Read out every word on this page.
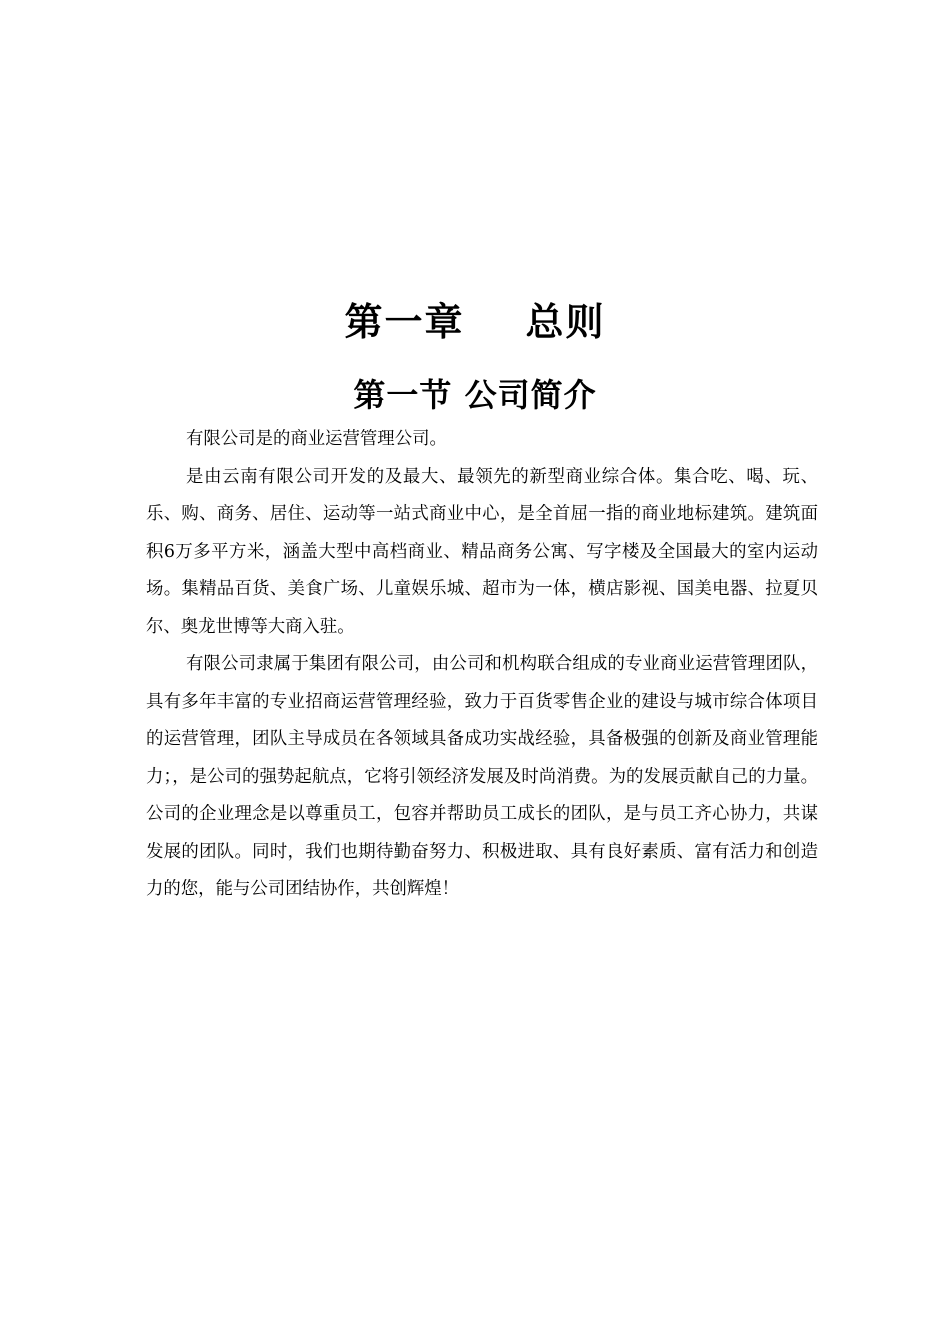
第一章    总则
第一节 公司简介

有限公司是的商业运营管理公司。

是由云南有限公司开发的及最大、最领先的新型商业综合体。集合吃、喝、玩、乐、购、商务、居住、运动等一站式商业中心，是全首屈一指的商业地标建筑。建筑面积6万多平方米，涵盖大型中高档商业、精品商务公寓、写字楼及全国最大的室内运动场。集精品百货、美食广场、儿童娱乐城、超市为一体，横店影视、国美电器、拉夏贝尔、奥龙世博等大商入驻。

有限公司隶属于集团有限公司，由公司和机构联合组成的专业商业运营管理团队，具有多年丰富的专业招商运营管理经验，致力于百货零售企业的建设与城市综合体项目的运营管理，团队主导成员在各领域具备成功实战经验，具备极强的创新及商业管理能力；，是公司的强势起航点，它将引领经济发展及时尚消费。为的发展贡献自己的力量。公司的企业理念是以尊重员工，包容并帮助员工成长的团队，是与员工齐心协力，共谋发展的团队。同时，我们也期待勤奋努力、积极进取、具有良好素质、富有活力和创造力的您，能与公司团结协作，共创辉煌！
